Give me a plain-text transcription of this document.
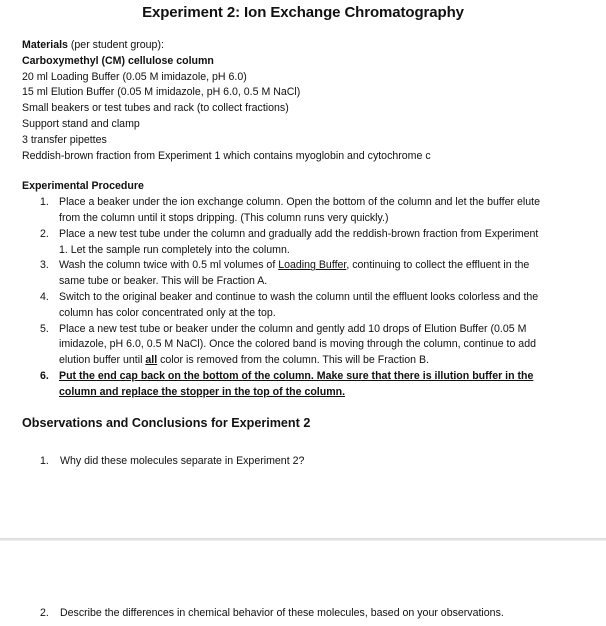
Experiment 2: Ion Exchange Chromatography
Materials (per student group):
Carboxymethyl (CM) cellulose column
20 ml Loading Buffer (0.05 M imidazole, pH 6.0)
15 ml Elution Buffer (0.05 M imidazole, pH 6.0, 0.5 M NaCl)
Small beakers or test tubes and rack (to collect fractions)
Support stand and clamp
3 transfer pipettes
Reddish-brown fraction from Experiment 1 which contains myoglobin and cytochrome c
Experimental Procedure
1. Place a beaker under the ion exchange column. Open the bottom of the column and let the buffer elute
from the column until it stops dripping. (This column runs very quickly.)
2. Place a new test tube under the column and gradually add the reddish-brown fraction from Experiment
1. Let the sample run completely into the column.
3. Wash the column twice with 0.5 ml volumes of Loading Buffer, continuing to collect the effluent in the
same tube or beaker. This will be Fraction A.
4. Switch to the original beaker and continue to wash the column until the effluent looks colorless and the
column has color concentrated only at the top.
5. Place a new test tube or beaker under the column and gently add 10 drops of Elution Buffer (0.05 M
imidazole, pH 6.0, 0.5 M NaCl). Once the colored band is moving through the column, continue to add
elution buffer until all color is removed from the column. This will be Fraction B.
6. Put the end cap back on the bottom of the column. Make sure that there is illution buffer in the
column and replace the stopper in the top of the column.
Observations and Conclusions for Experiment 2
1. Why did these molecules separate in Experiment 2?
2. Describe the differences in chemical behavior of these molecules, based on your observations.
